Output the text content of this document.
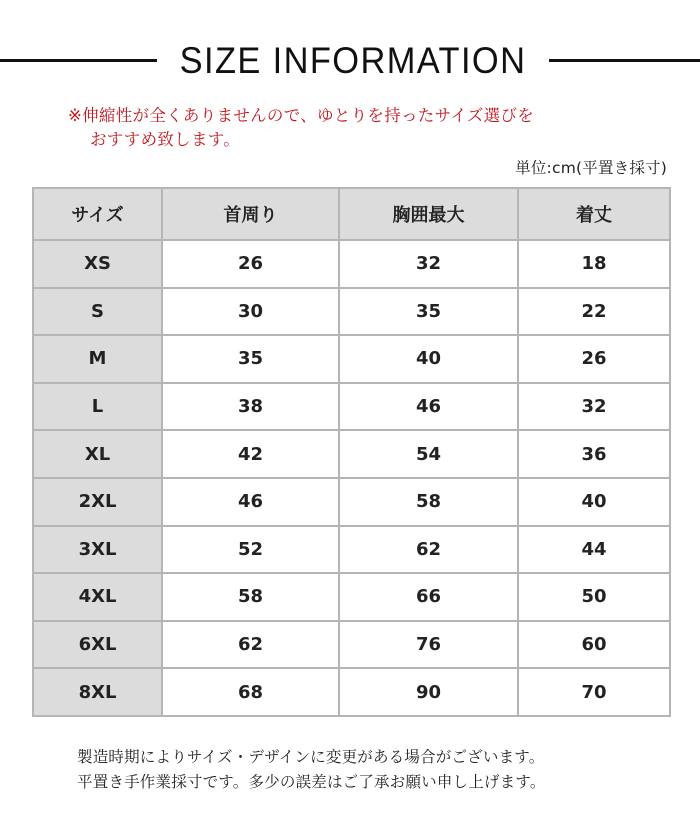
SIZE INFORMATION
※伸縮性が全くありませんので、ゆとりを持ったサイズ選びを
おすすめ致します。
単位:cm(平置き採寸)
サイズ	首周り	胸囲最大	着丈
XS	26	32	18
S	30	35	22
M	35	40	26
L	38	46	32
XL	42	54	36
2XL	46	58	40
3XL	52	62	44
4XL	58	66	50
6XL	62	76	60
8XL	68	90	70
製造時期によりサイズ・デザインに変更がある場合がございます。
平置き手作業採寸です。多少の誤差はご了承お願い申し上げます。
